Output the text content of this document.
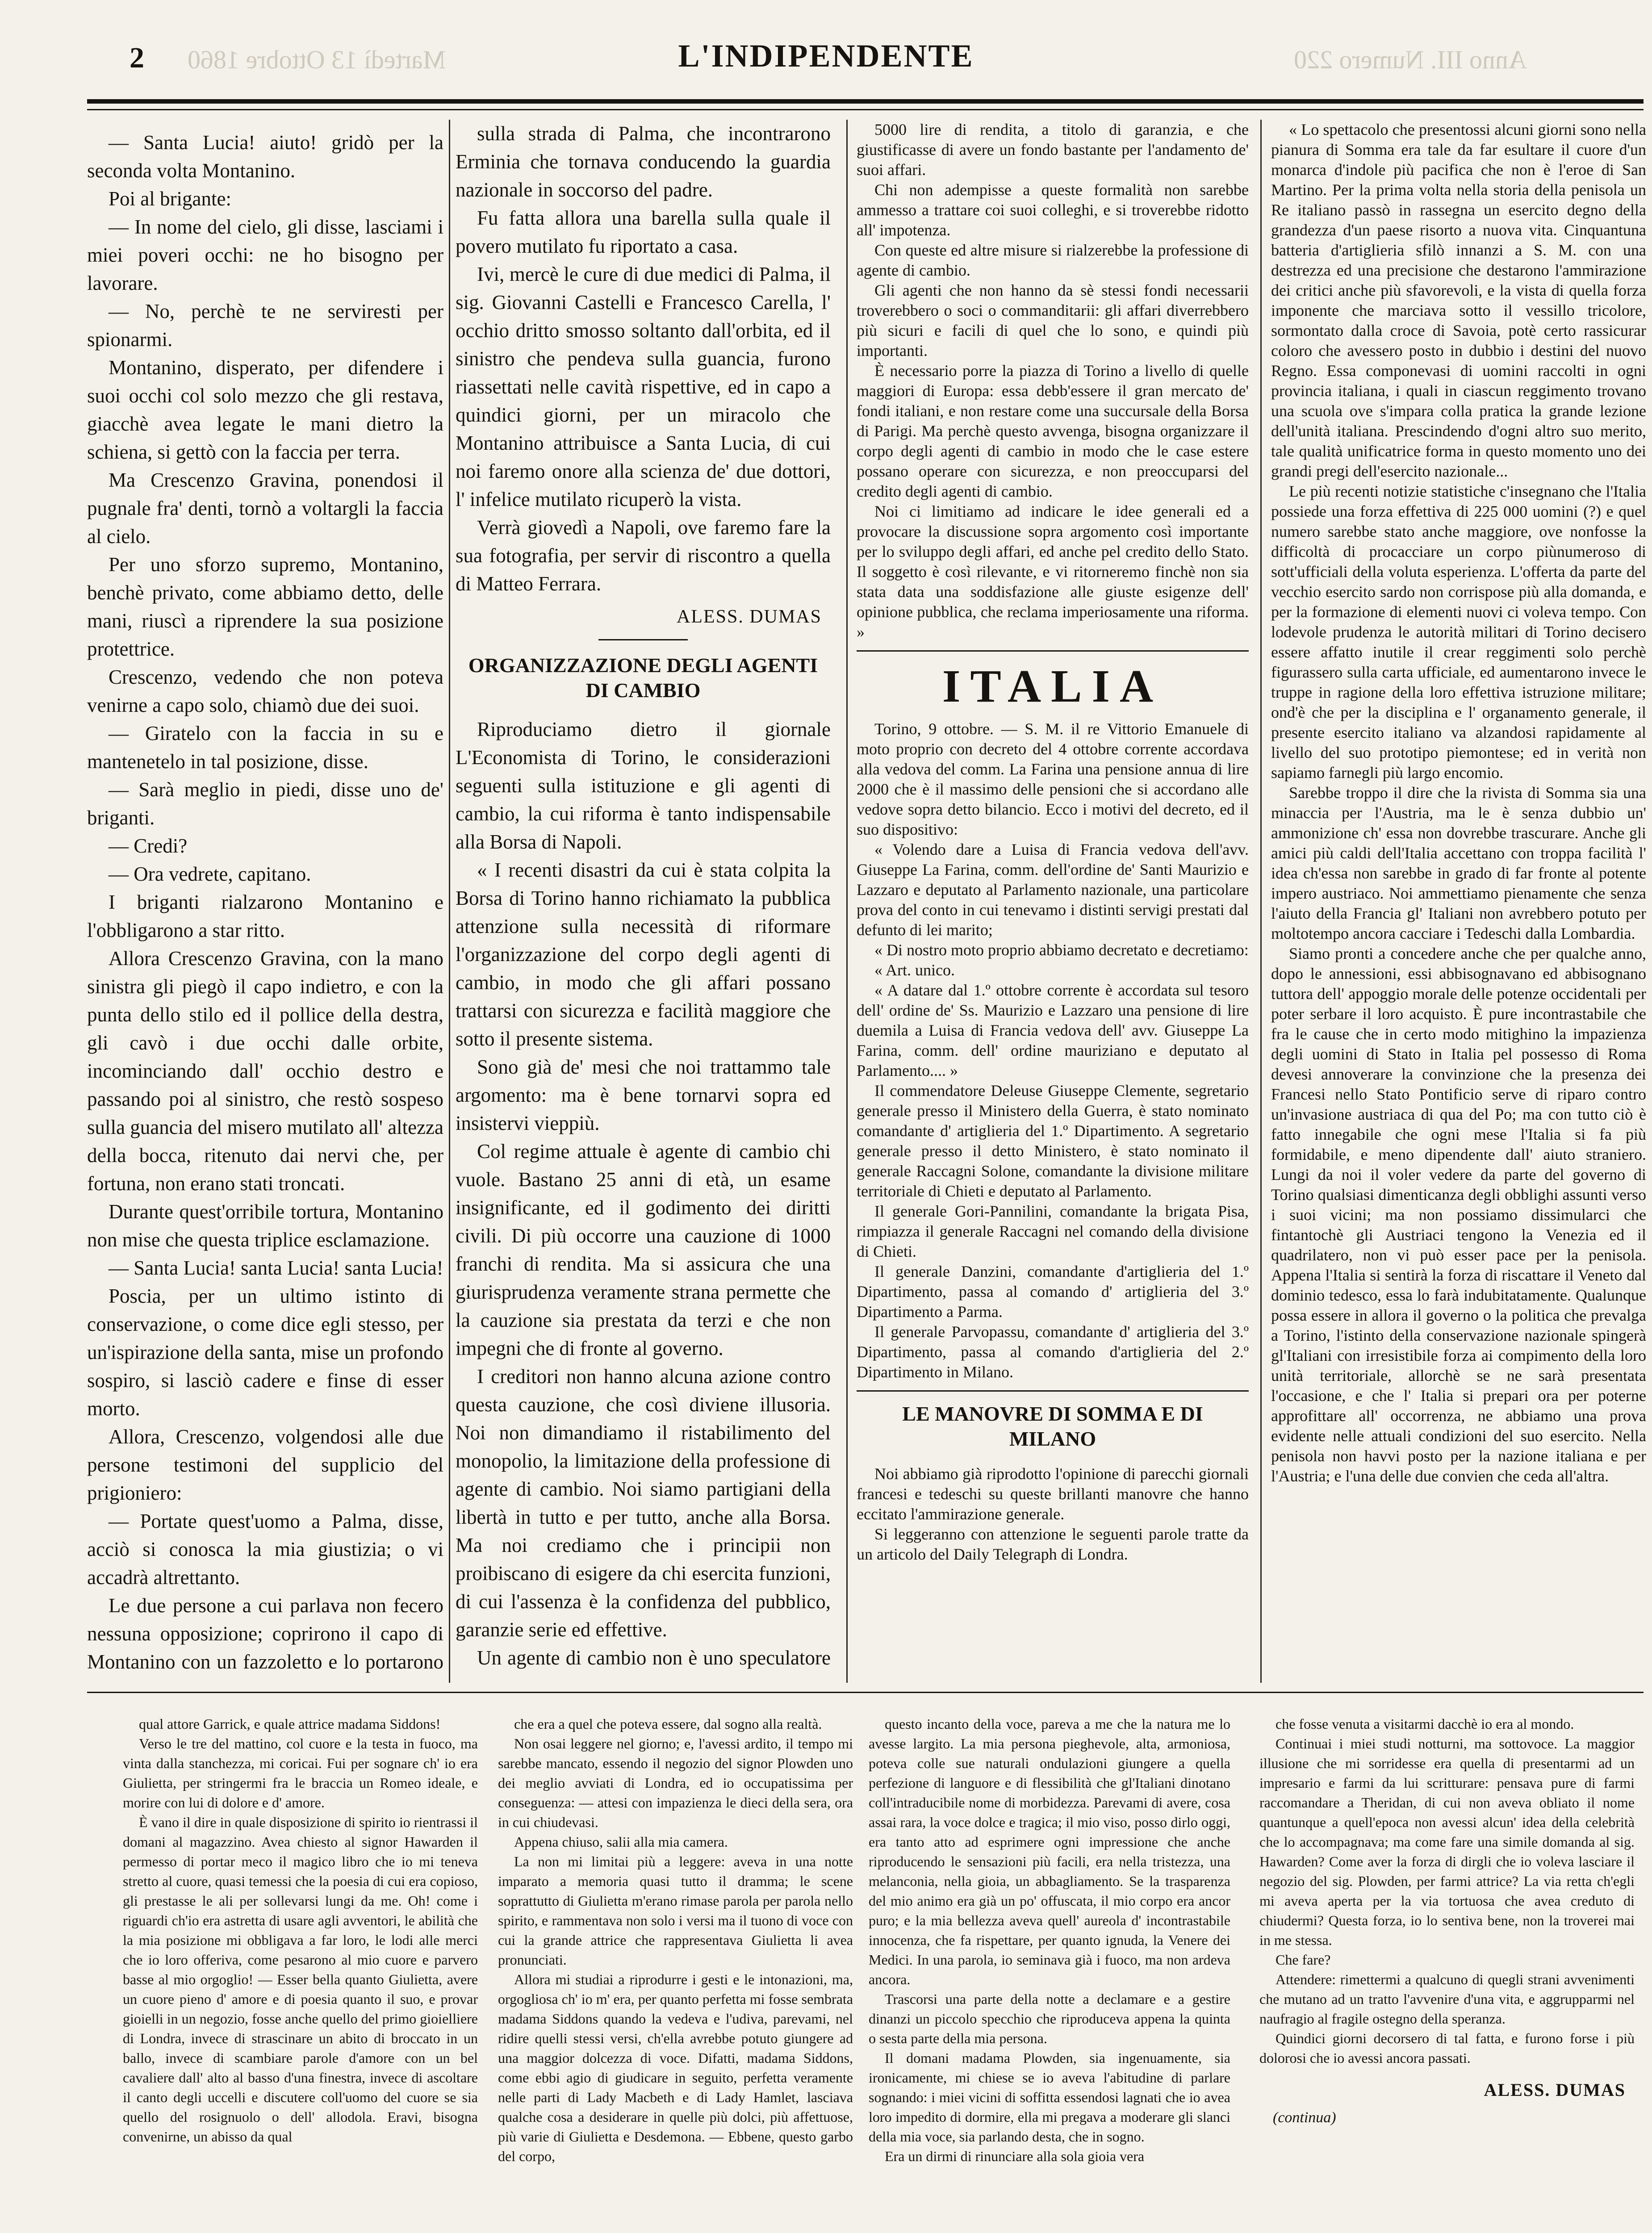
2 Martedì 13 Ottobre 1860	Anno III. Numero 220
L'INDIPENDENTE

— Santa Lucia! aiuto! gridò per la seconda volta Montanino.

Poi al brigante:

— In nome del cielo, gli disse, lasciami i miei poveri occhi: ne ho bisogno per lavorare.

— No, perchè te ne serviresti per spionarmi.

Montanino, disperato, per difendere i suoi occhi col solo mezzo che gli restava, giacchè avea legate le mani dietro la schiena, si gettò con la faccia per terra.

Ma Crescenzo Gravina, ponendosi il pugnale fra' denti, tornò a voltargli la faccia al cielo.

Per uno sforzo supremo, Montanino, benchè privato, come abbiamo detto, delle mani, riuscì a riprendere la sua posizione protettrice.

Crescenzo, vedendo che non poteva venirne a capo solo, chiamò due dei suoi.

— Giratelo con la faccia in su e mantenetelo in tal posizione, disse.

— Sarà meglio in piedi, disse uno de' briganti.

— Credi?

— Ora vedrete, capitano.

I briganti rialzarono Montanino e l'obbligarono a star ritto.

Allora Crescenzo Gravina, con la mano sinistra gli piegò il capo indietro, e con la punta dello stilo ed il pollice della destra, gli cavò i due occhi dalle orbite, incominciando dall' occhio destro e passando poi al sinistro, che restò sospeso sulla guancia del misero mutilato all' altezza della bocca, ritenuto dai nervi che, per fortuna, non erano stati troncati.

Durante quest'orribile tortura, Montanino non mise che questa triplice esclamazione.

— Santa Lucia! santa Lucia! santa Lucia!

Poscia, per un ultimo istinto di conservazione, o come dice egli stesso, per un'ispirazione della santa, mise un profondo sospiro, si lasciò cadere e finse di esser morto.

Allora, Crescenzo, volgendosi alle due persone testimoni del supplicio del prigioniero:

— Portate quest'uomo a Palma, disse, acciò si conosca la mia giustizia; o vi accadrà altrettanto.

Le due persone a cui parlava non fecero nessuna opposizione; coprirono il capo di Montanino con un fazzoletto e lo portarono

sulla strada di Palma, che incontrarono Erminia che tornava conducendo la guardia nazionale in soccorso del padre.

Fu fatta allora una barella sulla quale il povero mutilato fu riportato a casa.

Ivi, mercè le cure di due medici di Palma, il sig. Giovanni Castelli e Francesco Carella, l' occhio dritto smosso soltanto dall'orbita, ed il sinistro che pendeva sulla guancia, furono riassettati nelle cavità rispettive, ed in capo a quindici giorni, per un miracolo che Montanino attribuisce a Santa Lucia, di cui noi faremo onore alla scienza de' due dottori, l' infelice mutilato ricuperò la vista.

Verrà giovedì a Napoli, ove faremo fare la sua fotografia, per servir di riscontro a quella di Matteo Ferrara.

ALESS. DUMAS
ORGANIZZAZIONE DEGLI AGENTI DI CAMBIO

Riproduciamo dietro il giornale L'Economista di Torino, le considerazioni seguenti sulla istituzione e gli agenti di cambio, la cui riforma è tanto indispensabile alla Borsa di Napoli.

« I recenti disastri da cui è stata colpita la Borsa di Torino hanno richiamato la pubblica attenzione sulla necessità di riformare l'organizzazione del corpo degli agenti di cambio, in modo che gli affari possano trattarsi con sicurezza e facilità maggiore che sotto il presente sistema.

Sono già de' mesi che noi trattammo tale argomento: ma è bene tornarvi sopra ed insistervi vieppiù.

Col regime attuale è agente di cambio chi vuole. Bastano 25 anni di età, un esame insignificante, ed il godimento dei diritti civili. Di più occorre una cauzione di 1000 franchi di rendita. Ma si assicura che una giurisprudenza veramente strana permette che la cauzione sia prestata da terzi e che non impegni che di fronte al governo.

I creditori non hanno alcuna azione contro questa cauzione, che così diviene illusoria. Noi non dimandiamo il ristabilimento del monopolio, la limitazione della professione di agente di cambio. Noi siamo partigiani della libertà in tutto e per tutto, anche alla Borsa. Ma noi crediamo che i principii non proibiscano di esigere da chi esercita funzioni, di cui l'assenza è la confidenza del pubblico, garanzie serie ed effettive.

Un agente di cambio non è uno speculatore

5000 lire di rendita, a titolo di garanzia, e che giustificasse di avere un fondo bastante per l'andamento de' suoi affari.

Chi non adempisse a queste formalità non sarebbe ammesso a trattare coi suoi colleghi, e si troverebbe ridotto all' impotenza.

Con queste ed altre misure si rialzerebbe la professione di agente di cambio.

Gli agenti che non hanno da sè stessi fondi necessarii troverebbero o soci o commanditarii: gli affari diverrebbero più sicuri e facili di quel che lo sono, e quindi più importanti.

È necessario porre la piazza di Torino a livello di quelle maggiori di Europa: essa debb'essere il gran mercato de' fondi italiani, e non restare come una succursale della Borsa di Parigi. Ma perchè questo avvenga, bisogna organizzare il corpo degli agenti di cambio in modo che le case estere possano operare con sicurezza, e non preoccuparsi del credito degli agenti di cambio.

Noi ci limitiamo ad indicare le idee generali ed a provocare la discussione sopra argomento così importante per lo sviluppo degli affari, ed anche pel credito dello Stato. Il soggetto è così rilevante, e vi ritorneremo finchè non sia stata data una soddisfazione alle giuste esigenze dell' opinione pubblica, che reclama imperiosamente una riforma. »

ITALIA

Torino, 9 ottobre. — S. M. il re Vittorio Emanuele di moto proprio con decreto del 4 ottobre corrente accordava alla vedova del comm. La Farina una pensione annua di lire 2000 che è il massimo delle pensioni che si accordano alle vedove sopra detto bilancio. Ecco i motivi del decreto, ed il suo dispositivo:

« Volendo dare a Luisa di Francia vedova dell'avv. Giuseppe La Farina, comm. dell'ordine de' Santi Maurizio e Lazzaro e deputato al Parlamento nazionale, una particolare prova del conto in cui tenevamo i distinti servigi prestati dal defunto di lei marito;

« Di nostro moto proprio abbiamo decretato e decretiamo:

« Art. unico.

« A datare dal 1.º ottobre corrente è accordata sul tesoro dell' ordine de' Ss. Maurizio e Lazzaro una pensione di lire duemila a Luisa di Francia vedova dell' avv. Giuseppe La Farina, comm. dell' ordine mauriziano e deputato al Parlamento.... »

Il commendatore Deleuse Giuseppe Clemente, segretario generale presso il Ministero della Guerra, è stato nominato comandante d' artiglieria del 1.º Dipartimento. A segretario generale presso il detto Ministero, è stato nominato il generale Raccagni Solone, comandante la divisione militare territoriale di Chieti e deputato al Parlamento.

Il generale Gori-Pannilini, comandante la brigata Pisa, rimpiazza il generale Raccagni nel comando della divisione di Chieti.

Il generale Danzini, comandante d'artiglieria del 1.º Dipartimento, passa al comando d' artiglieria del 3.º Dipartimento a Parma.

Il generale Parvopassu, comandante d' artiglieria del 3.º Dipartimento, passa al comando d'artiglieria del 2.º Dipartimento in Milano.

LE MANOVRE DI SOMMA E DI MILANO

Noi abbiamo già riprodotto l'opinione di parecchi giornali francesi e tedeschi su queste brillanti manovre che hanno eccitato l'ammirazione generale.

Si leggeranno con attenzione le seguenti parole tratte da un articolo del Daily Telegraph di Londra.

« Lo spettacolo che presentossi alcuni giorni sono nella pianura di Somma era tale da far esultare il cuore d'un monarca d'indole più pacifica che non è l'eroe di San Martino. Per la prima volta nella storia della penisola un Re italiano passò in rassegna un esercito degno della grandezza d'un paese risorto a nuova vita. Cinquantuna batteria d'artiglieria sfilò innanzi a S. M. con una destrezza ed una precisione che destarono l'ammirazione dei critici anche più sfavorevoli, e la vista di quella forza imponente che marciava sotto il vessillo tricolore, sormontato dalla croce di Savoia, potè certo rassicurar coloro che avessero posto in dubbio i destini del nuovo Regno. Essa componevasi di uomini raccolti in ogni provincia italiana, i quali in ciascun reggimento trovano una scuola ove s'impara colla pratica la grande lezione dell'unità italiana. Prescindendo d'ogni altro suo merito, tale qualità unificatrice forma in questo momento uno dei grandi pregi dell'esercito nazionale...

Le più recenti notizie statistiche c'insegnano che l'Italia possiede una forza effettiva di 225 000 uomini (?) e quel numero sarebbe stato anche maggiore, ove nonfosse la difficoltà di procacciare un corpo piùnumeroso di sott'ufficiali della voluta esperienza. L'offerta da parte del vecchio esercito sardo non corrispose più alla domanda, e per la formazione di elementi nuovi ci voleva tempo. Con lodevole prudenza le autorità militari di Torino decisero essere affatto inutile il crear reggimenti solo perchè figurassero sulla carta ufficiale, ed aumentarono invece le truppe in ragione della loro effettiva istruzione militare; ond'è che per la disciplina e l' organamento generale, il presente esercito italiano va alzandosi rapidamente al livello del suo prototipo piemontese; ed in verità non sapiamo farnegli più largo encomio.

Sarebbe troppo il dire che la rivista di Somma sia una minaccia per l'Austria, ma le è senza dubbio un' ammonizione ch' essa non dovrebbe trascurare. Anche gli amici più caldi dell'Italia accettano con troppa facilità l' idea ch'essa non sarebbe in grado di far fronte al potente impero austriaco. Noi ammettiamo pienamente che senza l'aiuto della Francia gl' Italiani non avrebbero potuto per moltotempo ancora cacciare i Tedeschi dalla Lombardia.

Siamo pronti a concedere anche che per qualche anno, dopo le annessioni, essi abbisognavano ed abbisognano tuttora dell' appoggio morale delle potenze occidentali per poter serbare il loro acquisto. È pure incontrastabile che fra le cause che in certo modo mitighino la impazienza degli uomini di Stato in Italia pel possesso di Roma devesi annoverare la convinzione che la presenza dei Francesi nello Stato Pontificio serve di riparo contro un'invasione austriaca di qua del Po; ma con tutto ciò è fatto innegabile che ogni mese l'Italia si fa più formidabile, e meno dipendente dall' aiuto straniero. Lungi da noi il voler vedere da parte del governo di Torino qualsiasi dimenticanza degli obblighi assunti verso i suoi vicini; ma non possiamo dissimularci che fintantochè gli Austriaci tengono la Venezia ed il quadrilatero, non vi può esser pace per la penisola. Appena l'Italia si sentirà la forza di riscattare il Veneto dal dominio tedesco, essa lo farà indubitatamente. Qualunque possa essere in allora il governo o la politica che prevalga a Torino, l'istinto della conservazione nazionale spingerà gl'Italiani con irresistibile forza ai compimento della loro unità territoriale, allorchè se ne sarà presentata l'occasione, e che l' Italia si prepari ora per poterne approfittare all' occorrenza, ne abbiamo una prova evidente nelle attuali condizioni del suo esercito. Nella penisola non havvi posto per la nazione italiana e per l'Austria; e l'una delle due convien che ceda all'altra.

qual attore Garrick, e quale attrice madama Siddons!

Verso le tre del mattino, col cuore e la testa in fuoco, ma vinta dalla stanchezza, mi coricai. Fui per sognare ch' io era Giulietta, per stringermi fra le braccia un Romeo ideale, e morire con lui di dolore e d' amore.

È vano il dire in quale disposizione di spirito io rientrassi il domani al magazzino. Avea chiesto al signor Hawarden il permesso di portar meco il magico libro che io mi teneva stretto al cuore, quasi temessi che la poesia di cui era copioso, gli prestasse le ali per sollevarsi lungi da me. Oh! come i riguardi ch'io era astretta di usare agli avventori, le abilità che la mia posizione mi obbligava a far loro, le lodi alle merci che io loro offeriva, come pesarono al mio cuore e parvero basse al mio orgoglio! — Esser bella quanto Giulietta, avere un cuore pieno d' amore e di poesia quanto il suo, e provar gioielli in un negozio, fosse anche quello del primo gioielliere di Londra, invece di strascinare un abito di broccato in un ballo, invece di scambiare parole d'amore con un bel cavaliere dall' alto al basso d'una finestra, invece di ascoltare il canto degli uccelli e discutere coll'uomo del cuore se sia quello del rosignuolo o dell' allodola. Eravi, bisogna convenirne, un abisso da qual

che era a quel che poteva essere, dal sogno alla realtà.

Non osai leggere nel giorno; e, l'avessi ardito, il tempo mi sarebbe mancato, essendo il negozio del signor Plowden uno dei meglio avviati di Londra, ed io occupatissima per conseguenza: — attesi con impazienza le dieci della sera, ora in cui chiudevasi.

Appena chiuso, salii alla mia camera.

La non mi limitai più a leggere: aveva in una notte imparato a memoria quasi tutto il dramma; le scene soprattutto di Giulietta m'erano rimase parola per parola nello spirito, e rammentava non solo i versi ma il tuono di voce con cui la grande attrice che rappresentava Giulietta li avea pronunciati.

Allora mi studiai a riprodurre i gesti e le intonazioni, ma, orgogliosa ch' io m' era, per quanto perfetta mi fosse sembrata madama Siddons quando la vedeva e l'udiva, parevami, nel ridire quelli stessi versi, ch'ella avrebbe potuto giungere ad una maggior dolcezza di voce. Difatti, madama Siddons, come ebbi agio di giudicare in seguito, perfetta veramente nelle parti di Lady Macbeth e di Lady Hamlet, lasciava qualche cosa a desiderare in quelle più dolci, più affettuose, più varie di Giulietta e Desdemona. — Ebbene, questo garbo del corpo,

questo incanto della voce, pareva a me che la natura me lo avesse largito. La mia persona pieghevole, alta, armoniosa, poteva colle sue naturali ondulazioni giungere a quella perfezione di languore e di flessibilità che gl'Italiani dinotano coll'intraducibile nome di morbidezza. Parevami di avere, cosa assai rara, la voce dolce e tragica; il mio viso, posso dirlo oggi, era tanto atto ad esprimere ogni impressione che anche riproducendo le sensazioni più facili, era nella tristezza, una melanconia, nella gioia, un abbagliamento. Se la trasparenza del mio animo era già un po' offuscata, il mio corpo era ancor puro; e la mia bellezza aveva quell' aureola d' incontrastabile innocenza, che fa rispettare, per quanto ignuda, la Venere dei Medici. In una parola, io seminava già i fuoco, ma non ardeva ancora.

Trascorsi una parte della notte a declamare e a gestire dinanzi un piccolo specchio che riproduceva appena la quinta o sesta parte della mia persona.

Il domani madama Plowden, sia ingenuamente, sia ironicamente, mi chiese se io aveva l'abitudine di parlare sognando: i miei vicini di soffitta essendosi lagnati che io avea loro impedito di dormire, ella mi pregava a moderare gli slanci della mia voce, sia parlando desta, che in sogno.

Era un dirmi di rinunciare alla sola gioia vera

che fosse venuta a visitarmi dacchè io era al mondo.

Continuai i miei studi notturni, ma sottovoce. La maggior illusione che mi sorridesse era quella di presentarmi ad un impresario e farmi da lui scritturare: pensava pure di farmi raccomandare a Theridan, di cui non aveva obliato il nome quantunque a quell'epoca non avessi alcun' idea della celebrità che lo accompagnava; ma come fare una simile domanda al sig. Hawarden? Come aver la forza di dirgli che io voleva lasciare il negozio del sig. Plowden, per farmi attrice? La via retta ch'egli mi aveva aperta per la via tortuosa che avea creduto di chiudermi? Questa forza, io lo sentiva bene, non la troverei mai in me stessa.

Che fare?

Attendere: rimettermi a qualcuno di quegli strani avvenimenti che mutano ad un tratto l'avvenire d'una vita, e aggrupparmi nel naufragio al fragile ostegno della speranza.

Quindici giorni decorsero di tal fatta, e furono forse i più dolorosi che io avessi ancora passati.

ALESS. DUMAS
(continua)
